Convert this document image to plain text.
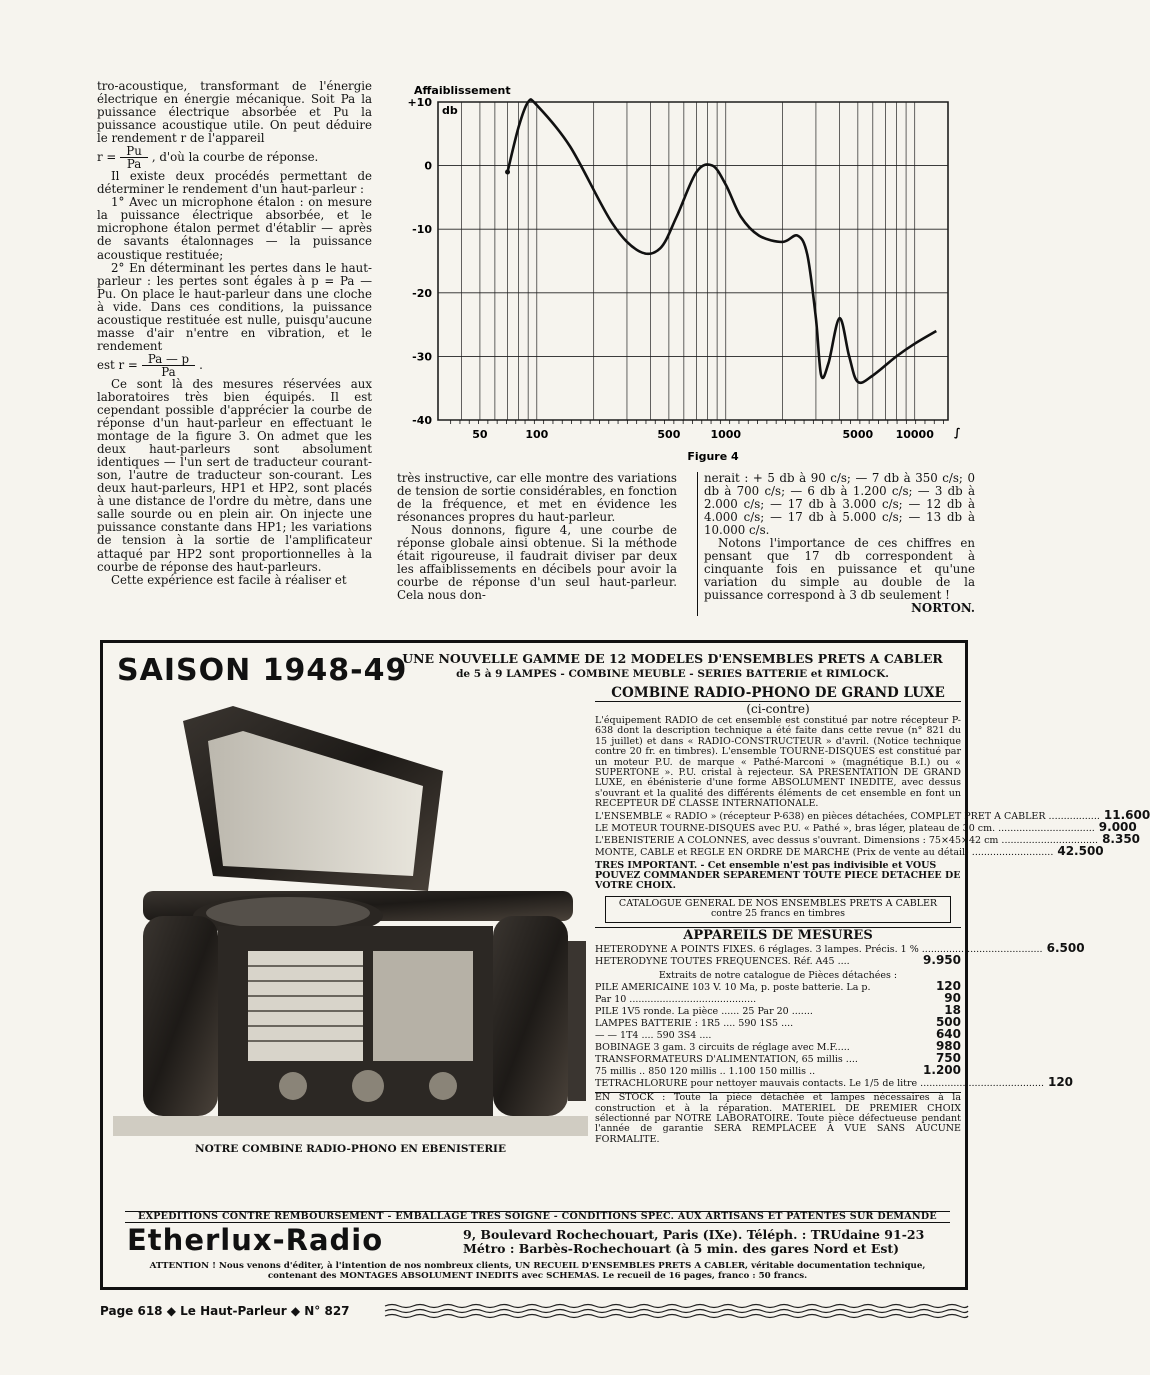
tro-acoustique, transformant de l'énergie électrique en énergie mécanique. Soit Pa la puissance électrique absorbée et Pu la puissance acoustique utile. On peut déduire le rendement r de l'appareil

$r = \frac{Pu}{Pa}$ , d'où la courbe de réponse.

Il existe deux procédés permettant de déterminer le rendement d'un haut-parleur :

1° Avec un microphone étalon : on mesure la puissance électrique absorbée, et le microphone étalon permet d'établir — après de savants étalonnages — la puissance acoustique restituée;

2° En déterminant les pertes dans le haut-parleur : les pertes sont égales à p = Pa — Pu. On place le haut-parleur dans une cloche à vide. Dans ces conditions, la puissance acoustique restituée est nulle, puisqu'aucune masse d'air n'entre en vibration, et le rendement

est $r = \frac{Pa — p}{Pa}$ .

Ce sont là des mesures réservées aux laboratoires très bien équipés. Il est cependant possible d'apprécier la courbe de réponse d'un haut-parleur en effectuant le montage de la figure 3. On admet que les deux haut-parleurs sont absolument identiques — l'un sert de traducteur courant-son, l'autre de traducteur son-courant. Les deux haut-parleurs, HP1 et HP2, sont placés à une distance de l'ordre du mètre, dans une salle sourde ou en plein air. On injecte une puissance constante dans HP1; les variations de tension à la sortie de l'amplificateur attaqué par HP2 sont proportionnelles à la courbe de réponse des haut-parleurs.

Cette expérience est facile à réaliser et

+10
0
-10
-20
-30
-40
50	100	500	1000	5000 10000 ∫
Affaiblissement
db
Figure 4

très instructive, car elle montre des variations de tension de sortie considérables, en fonction de la fréquence, et met en évidence les résonances propres du haut-parleur.

Nous donnons, figure 4, une courbe de réponse globale ainsi obtenue. Si la méthode était rigoureuse, il faudrait diviser par deux les affaiblissements en décibels pour avoir la courbe de réponse d'un seul haut-parleur. Cela nous don-

nerait : + 5 db à 90 c/s; — 7 db à 350 c/s; 0 db à 700 c/s; — 6 db à 1.200 c/s; — 3 db à 2.000 c/s; — 17 db à 3.000 c/s; — 12 db à 4.000 c/s; — 17 db à 5.000 c/s; — 13 db à 10.000 c/s.

Notons l'importance de ces chiffres en pensant que 17 db correspondent à cinquante fois en puissance et qu'une variation du simple au double de la puissance correspond à 3 db seulement !

NORTON.

SAISON 1948-49
UNE NOUVELLE GAMME DE 12 MODELES D'ENSEMBLES PRETS A CABLER
de 5 à 9 LAMPES - COMBINE MEUBLE - SERIES BATTERIE et RIMLOCK.
NOTRE COMBINE RADIO-PHONO EN EBENISTERIE
COMBINE RADIO-PHONO DE GRAND LUXE
(ci-contre)
L'équipement RADIO de cet ensemble est constitué par notre récepteur P-638 dont la description technique a été faite dans cette revue (n° 821 du 15 juillet) et dans « RADIO-CONSTRUCTEUR » d'avril. (Notice technique contre 20 fr. en timbres). L'ensemble TOURNE-DISQUES est constitué par un moteur P.U. de marque « Pathé-Marconi » (magnétique B.I.) ou « SUPERTONE ». P.U. cristal à rejecteur. SA PRESENTATION DE GRAND LUXE, en ébénisterie d'une forme ABSOLUMENT INEDITE, avec dessus s'ouvrant et la qualité des différents éléments de cet ensemble en font un RECEPTEUR DE CLASSE INTERNATIONALE.
L'ENSEMBLE « RADIO » (récepteur P-638) en pièces détachées, COMPLET PRET A CABLER ................. 11.600
LE MOTEUR TOURNE-DISQUES avec P.U. « Pathé », bras léger, plateau de 30 cm. ................................ 9.000
L'EBENISTERIE A COLONNES, avec dessus s'ouvrant. Dimensions : 75×45×42 cm ................................ 8.350
MONTE, CABLE et REGLE EN ORDRE DE MARCHE (Prix de vente au détail) ........................... 42.500
TRES IMPORTANT. - Cet ensemble n'est pas indivisible et VOUS POUVEZ COMMANDER SEPAREMENT TOUTE PIECE DETACHEE DE VOTRE CHOIX.
CATALOGUE GENERAL DE NOS ENSEMBLES PRETS A CABLER contre 25 francs en timbres
APPAREILS DE MESURES
HETERODYNE A POINTS FIXES. 6 réglages. 3 lampes. Précis. 1 % ........................................ 6.500
HETERODYNE TOUTES FREQUENCES. Réf. A45 ....	9.950
Extraits de notre catalogue de Pièces détachées :
PILE AMERICAINE 103 V. 10 Ma, p. poste batterie. La p.	120
Par 10 ..........................................	90
PILE 1V5 ronde. La pièce ...... 25 Par 20 .......	18
LAMPES BATTERIE : 1R5 .... 590 1S5 ....	500
— — 1T4 .... 590 3S4 ....	640
BOBINAGE 3 gam. 3 circuits de réglage avec M.F.....	980
TRANSFORMATEURS D'ALIMENTATION, 65 millis ....	750
75 millis .. 850 120 millis .. 1.100 150 millis ..	1.200
TETRACHLORURE pour nettoyer mauvais contacts. Le 1/5 de litre ......................................... 120
EN STOCK : Toute la pièce détachée et lampes nécessaires à la construction et à la réparation. MATERIEL DE PREMIER CHOIX sélectionné par NOTRE LABORATOIRE. Toute pièce défectueuse pendant l'année de garantie SERA REMPLACEE A VUE SANS AUCUNE FORMALITE.
EXPEDITIONS CONTRE REMBOURSEMENT - EMBALLAGE TRES SOIGNE - CONDITIONS SPEC. AUX ARTISANS ET PATENTES SUR DEMANDE
Etherlux-Radio	9, Boulevard Rochechouart, Paris (IXe). Téléph. : TRUdaine 91-23
Métro : Barbès-Rochechouart (à 5 min. des gares Nord et Est)
ATTENTION ! Nous venons d'éditer, à l'intention de nos nombreux clients, UN RECUEIL D'ENSEMBLES PRETS A CABLER, véritable documentation technique, contenant des MONTAGES ABSOLUMENT INEDITS avec SCHEMAS. Le recueil de 16 pages, franco : 50 francs.
Page 618 ◆ Le Haut-Parleur ◆ N° 827
